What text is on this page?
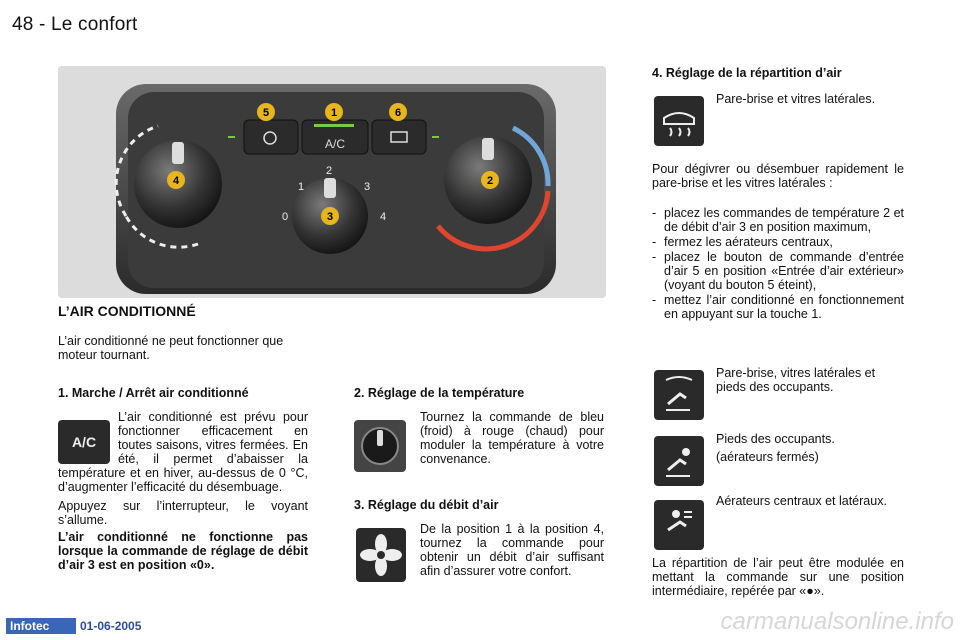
48 - Le confort
A/C
1
2
3
0	4
5	1	6
4
3
2
L’AIR CONDITIONNÉ
L’air conditionné ne peut fonctionner que moteur tournant.
1. Marche / Arrêt air conditionné
A/C
L’air conditionné est prévu pour fonctionner efficacement en toutes saisons, vitres fermées. En été, il permet d’abaisser la température et en hiver, au-dessus de 0 °C, d’augmenter l’efficacité du désembuage.
Appuyez sur l’interrupteur, le voyant s’allume.
L’air conditionné ne fonctionne pas lorsque la commande de réglage de débit d’air 3 est en position «0».
2. Réglage de la température
Tournez la commande de bleu (froid) à rouge (chaud) pour moduler la température à votre convenance.
3. Réglage du débit d’air
De la position 1 à la position 4, tournez la commande pour obtenir un débit d’air suffisant afin d’assurer votre confort.
4. Réglage de la répartition d’air
Pare-brise et vitres latérales.
Pour dégivrer ou désembuer rapidement le pare-brise et les vitres latérales :
- placez les commandes de température 2 et de débit d’air 3 en position maximum,
- fermez les aérateurs centraux,
- placez le bouton de commande d’entrée d’air 5 en position «Entrée d’air extérieur» (voyant du bouton 5 éteint),
- mettez l’air conditionné en fonctionnement en appuyant sur la touche 1.
Pare-brise, vitres latérales et pieds des occupants.
Pieds des occupants.
(aérateurs fermés)
Aérateurs centraux et latéraux.
La répartition de l’air peut être modulée en mettant la commande sur une position intermédiaire, repérée par «●».
Infotec	01-06-2005	carmanualsonline.info
